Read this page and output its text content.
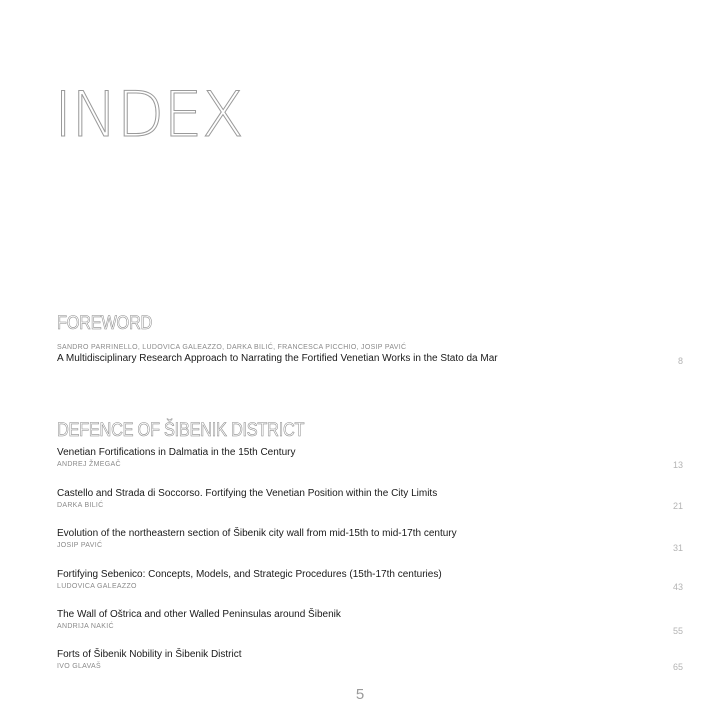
INDEX
FOREWORD
SANDRO PARRINELLO, LUDOVICA GALEAZZO, DARKA BILIĆ, FRANCESCA PICCHIO, JOSIP PAVIĆ
A Multidisciplinary Research Approach to Narrating the Fortified Venetian Works in the Stato da Mar	8
DEFENCE OF ŠIBENIK DISTRICT
Venetian Fortifications in Dalmatia in the 15th Century
ANDREJ ŽMEGAČ	13
Castello and Strada di Soccorso. Fortifying the Venetian Position within the City Limits
DARKA BILIĆ	21
Evolution of the northeastern section of Šibenik city wall from mid-15th to mid-17th century
JOSIP PAVIĆ	31
Fortifying Sebenico: Concepts, Models, and Strategic Procedures (15th-17th centuries)
LUDOVICA GALEAZZO	43
The Wall of Oštrica and other Walled Peninsulas around Šibenik
ANDRIJA NAKIĆ	55
Forts of Šibenik Nobility in Šibenik District
IVO GLAVAŠ	65
5
